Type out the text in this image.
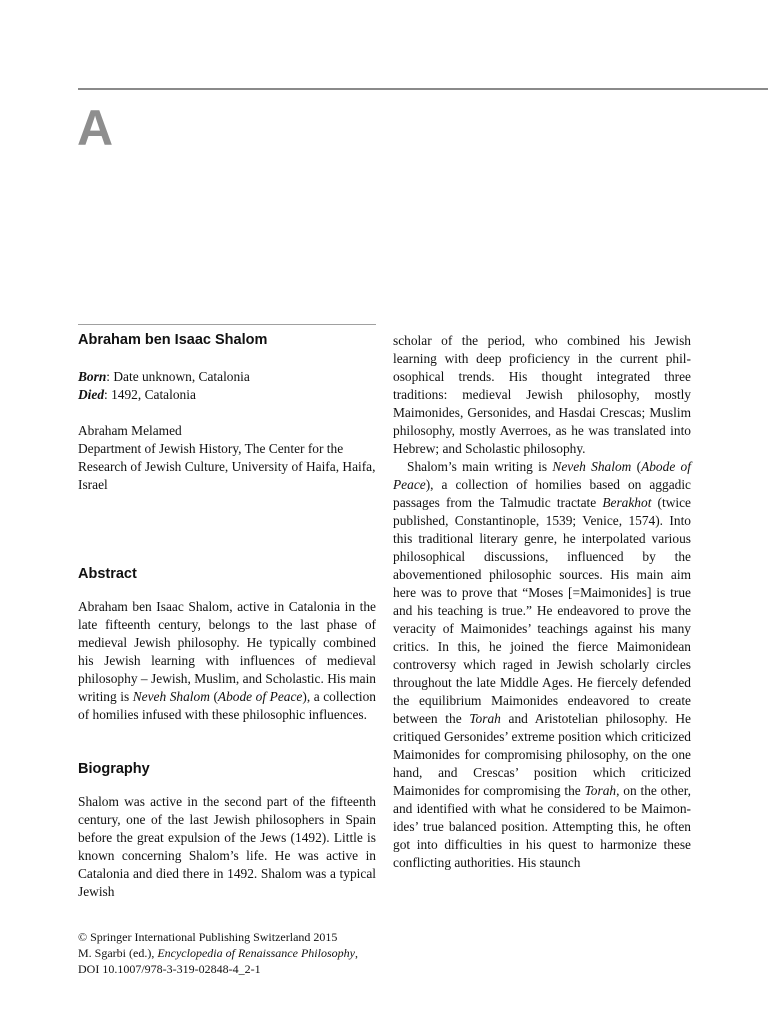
A
Abraham ben Isaac Shalom

Born: Date unknown, Catalonia

Died: 1492, Catalonia

Abraham Melamed

Department of Jewish History, The Center for the Research of Jewish Culture, University of Haifa, Haifa, Israel

Abstract

Abraham ben Isaac Shalom, active in Catalonia in the late fifteenth century, belongs to the last phase of medieval Jewish philosophy. He typically combined his Jewish learning with influences of medieval philosophy – Jewish, Muslim, and Scholastic. His main writing is Neveh Shalom (Abode of Peace), a collection of homilies infused with these philosophic influences.

Biography

Shalom was active in the second part of the fifteenth century, one of the last Jewish philosophers in Spain before the great expulsion of the Jews (1492). Little is known concerning Shalom’s life. He was active in Catalonia and died there in 1492. Shalom was a typical Jewish

scholar of the period, who combined his Jewish learning with deep proficiency in the current philosophical trends. His thought integrated three traditions: medieval Jewish philosophy, mostly Maimonides, Gersonides, and Hasdai Crescas; Muslim philosophy, mostly Averroes, as he was translated into Hebrew; and Scholastic philosophy.

Shalom’s main writing is Neveh Shalom (Abode of Peace), a collection of homilies based on aggadic passages from the Talmudic tractate Berakhot (twice published, Constantinople, 1539; Venice, 1574). Into this traditional literary genre, he interpolated various philosophical discussions, influenced by the abovementioned philosophic sources. His main aim here was to prove that “Moses [=Maimonides] is true and his teaching is true.” He endeavored to prove the veracity of Maimonides’ teachings against his many critics. In this, he joined the fierce Maimonidean controversy which raged in Jewish scholarly circles throughout the late Middle Ages. He fiercely defended the equilibrium Maimonides endeavored to create between the Torah and Aristotelian philosophy. He critiqued Gersonides’ extreme position which criticized Maimonides for compromising philosophy, on the one hand, and Crescas’ position which criticized Maimonides for compromising the Torah, on the other, and identified with what he considered to be Maimonides’ true balanced position. Attempting this, he often got into difficulties in his quest to harmonize these conflicting authorities. His staunch

© Springer International Publishing Switzerland 2015
M. Sgarbi (ed.), Encyclopedia of Renaissance Philosophy,
DOI 10.1007/978-3-319-02848-4_2-1
